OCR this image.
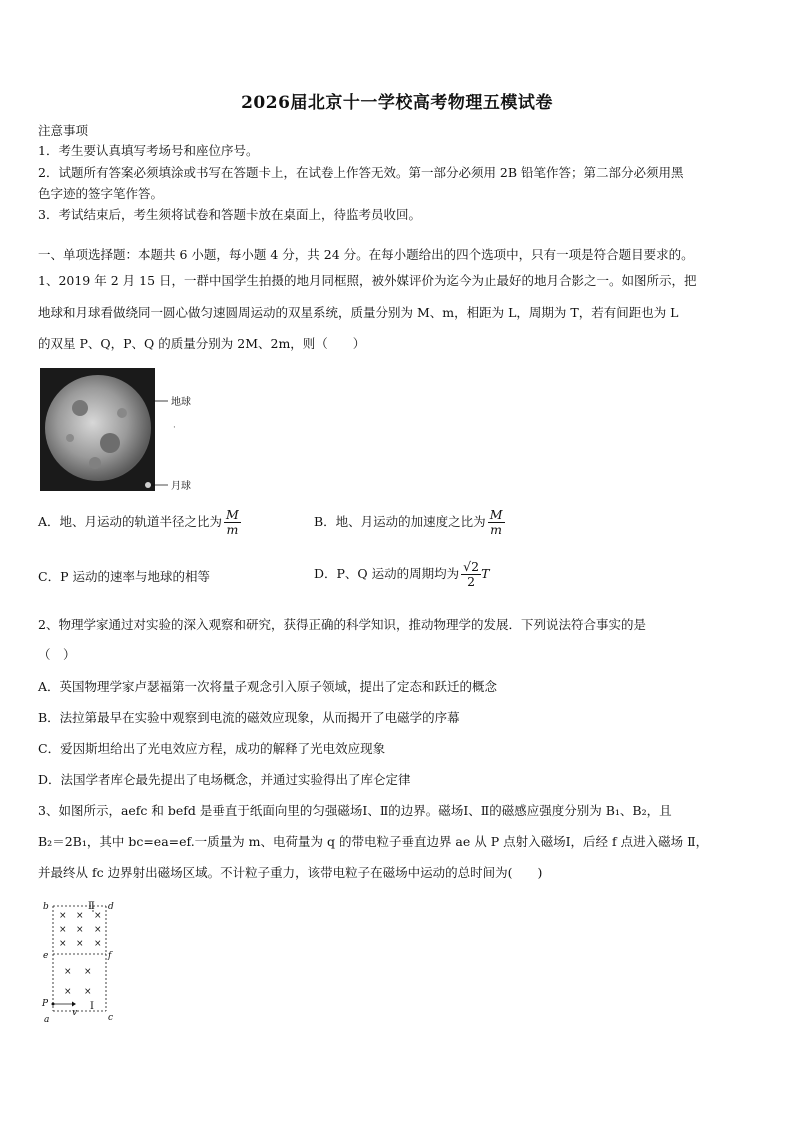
2026届北京十一学校高考物理五模试卷
注意事项
1．考生要认真填写考场号和座位序号。
2．试题所有答案必须填涂或书写在答题卡上，在试卷上作答无效。第一部分必须用 2B 铅笔作答；第二部分必须用黑
色字迹的签字笔作答。
3．考试结束后，考生须将试卷和答题卡放在桌面上，待监考员收回。
一、单项选择题：本题共 6 小题，每小题 4 分，共 24 分。在每小题给出的四个选项中，只有一项是符合题目要求的。
1、2019 年 2 月 15 日，一群中国学生拍摄的地月同框照，被外媒评价为迄今为止最好的地月合影之一。如图所示，把
地球和月球看做绕同一圆心做匀速圆周运动的双星系统，质量分别为 M、m，相距为 L，周期为 T，若有间距也为 L
的双星 P、Q，P、Q 的质量分别为 2M、2m，则（　　）
地球
月球
·
A．地、月运动的轨道半径之比为 $\frac{M}{m}$	B．地、月运动的加速度之比为 $\frac{M}{m}$
C．P 运动的速率与地球的相等	D．P、Q 运动的周期均为 $\frac{√2}{2}$ T
2、物理学家通过对实验的深入观察和研究，获得正确的科学知识，推动物理学的发展．下列说法符合事实的是
（　）
A．英国物理学家卢瑟福第一次将量子观念引入原子领域，提出了定态和跃迁的概念
B．法拉第最早在实验中观察到电流的磁效应现象，从而揭开了电磁学的序幕
C．爱因斯坦给出了光电效应方程，成功的解释了光电效应现象
D．法国学者库仑最先提出了电场概念，并通过实验得出了库仑定律
3、如图所示，aefc 和 befd 是垂直于纸面向里的匀强磁场Ⅰ、Ⅱ的边界。磁场Ⅰ、Ⅱ的磁感应强度分别为 B₁、B₂，且
B₂＝2B₁，其中 bc=ea=ef.一质量为 m、电荷量为 q 的带电粒子垂直边界 ae 从 P 点射入磁场Ⅰ，后经 f 点进入磁场 Ⅱ，
并最终从 fc 边界射出磁场区域。不计粒子重力，该带电粒子在磁场中运动的总时间为(　　)
× × ×
× × ×
× × ×
× ×
× ×
b	d
e	f
P
a	c
v
Ⅰ
Ⅱ
